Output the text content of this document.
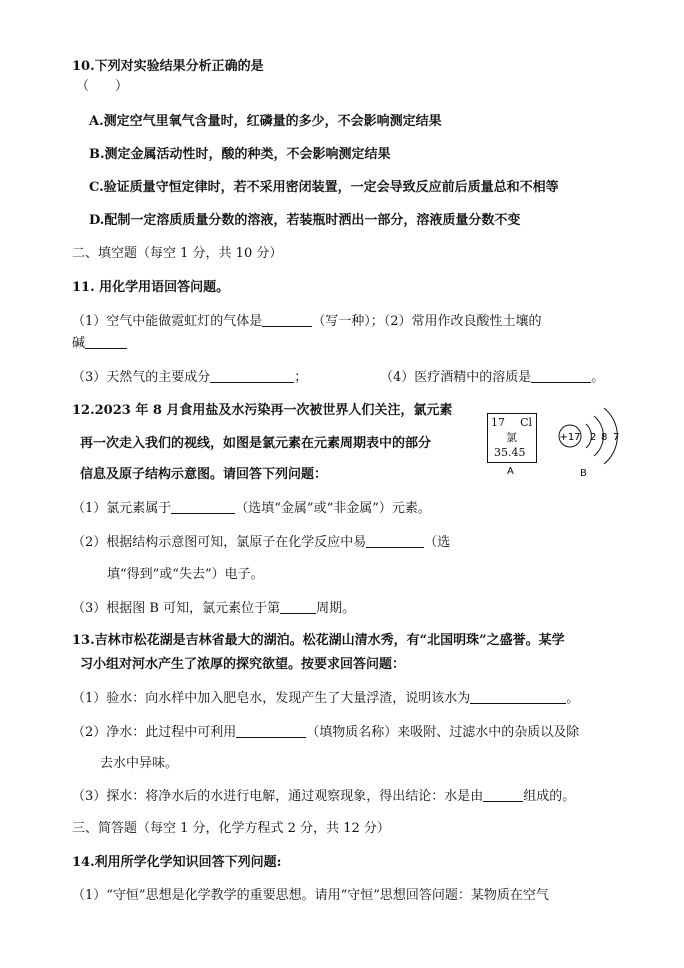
10.下列对实验结果分析正确的是
（　　）
A.测定空气里氧气含量时，红磷量的多少，不会影响测定结果
B.测定金属活动性时，酸的种类，不会影响测定结果
C.验证质量守恒定律时，若不采用密闭装置，一定会导致反应前后质量总和不相等
D.配制一定溶质质量分数的溶液，若装瓶时洒出一部分，溶液质量分数不变
二、填空题（每空 1 分，共 10 分）
11. 用化学用语回答问题。
（1）空气中能做霓虹灯的气体是	（写一种）；（2）常用作改良酸性土壤的
碱
（3）天然气的主要成分	；	（4）医疗酒精中的溶质是	。
12.2023 年 8 月食用盐及水污染再一次被世界人们关注，氯元素
再一次走入我们的视线，如图是氯元素在元素周期表中的部分
信息及原子结构示意图。请回答下列问题：
17 Cl
氯
35.45
A
+17 2 8 7
B
（1）氯元素属于	（选填“金属”或“非金属”）元素。
（2）根据结构示意图可知，氯原子在化学反应中易	（选
填“得到”或“失去”）电子。
（3）根据图 B 可知，氯元素位于第	周期。
13.吉林市松花湖是吉林省最大的湖泊。松花湖山清水秀，有“北国明珠”之盛誉。某学
习小组对河水产生了浓厚的探究欲望。按要求回答问题：
（1）验水：向水样中加入肥皂水，发现产生了大量浮渣，说明该水为	。
（2）净水：此过程中可利用	（填物质名称）来吸附、过滤水中的杂质以及除
去水中异味。
（3）探水：将净水后的水进行电解，通过观察现象，得出结论：水是由	组成的。
三、简答题（每空 1 分，化学方程式 2 分，共 12 分）
14.利用所学化学知识回答下列问题:
（1）“守恒”思想是化学教学的重要思想。请用“守恒”思想回答问题：某物质在空气
